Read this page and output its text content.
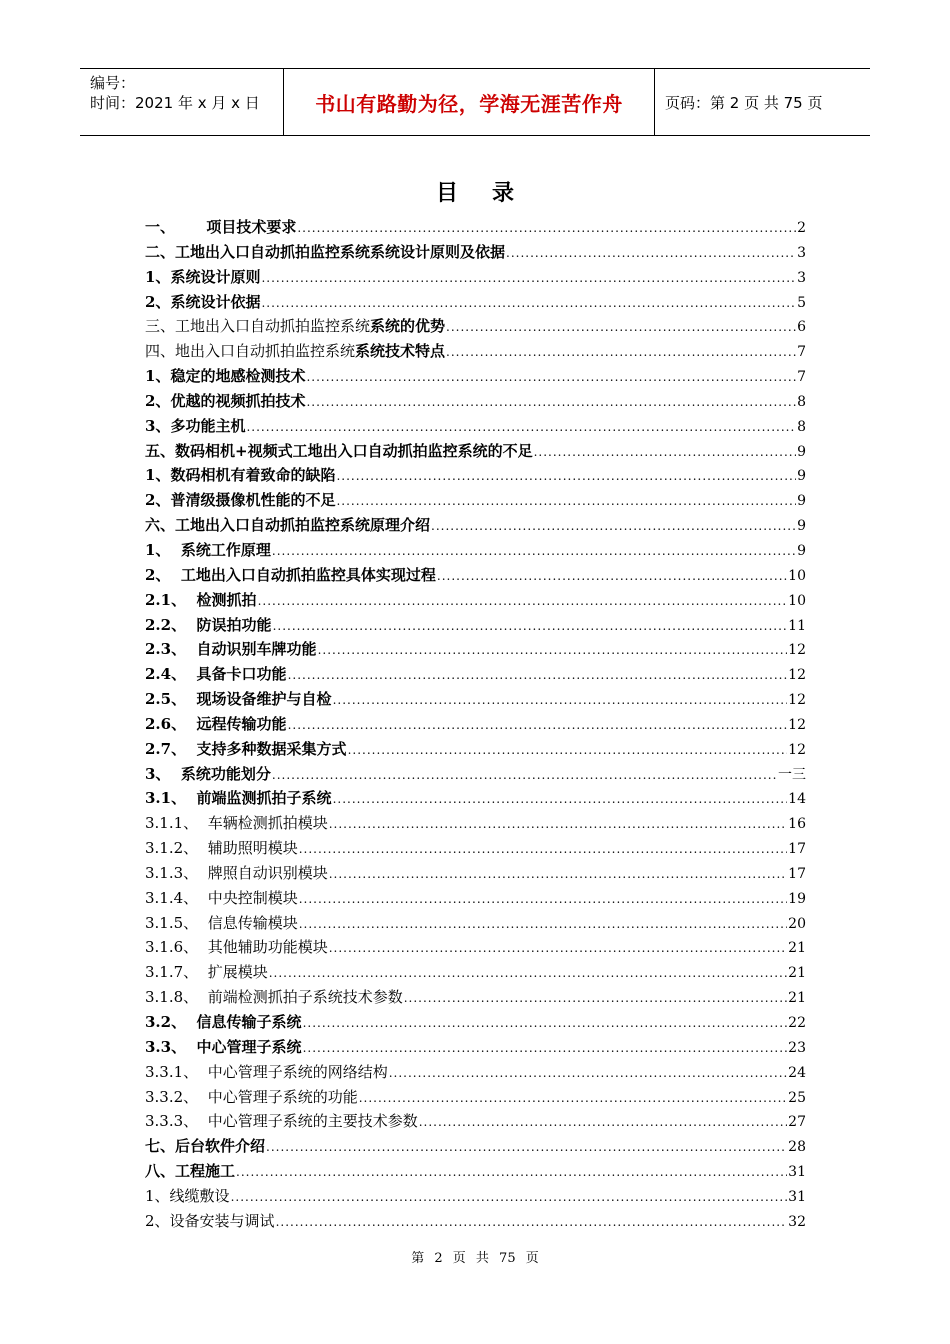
编号：
时间：2021 年 x 月 x 日	书山有路勤为径，学海无涯苦作舟	页码：第 2 页 共 75 页
目录
一、      项目技术要求 .....	2
二、工地出入口自动抓拍监控系统系统设计原则及依据 .....	3
1、系统设计原则 .....	3
2、系统设计依据 .....	5
三、工地出入口自动抓拍监控系统系统的优势 .....	6
四、地出入口自动抓拍监控系统系统技术特点 .....	7
1、稳定的地感检测技术 .....	7
2、优越的视频抓拍技术 .....	8
3、多功能主机 .....	8
五、数码相机+视频式工地出入口自动抓拍监控系统的不足 .....	9
1、数码相机有着致命的缺陷 .....	9
2、普清级摄像机性能的不足 .....	9
六、工地出入口自动抓拍监控系统原理介绍 .....	9
1、  系统工作原理 .....	9
2、  工地出入口自动抓拍监控具体实现过程 .....	10
2.1、  检测抓拍 .....	10
2.2、  防误拍功能 .....	11
2.3、  自动识别车牌功能 .....	12
2.4、  具备卡口功能 .....	12
2.5、  现场设备维护与自检 .....	12
2.6、  远程传输功能 .....	12
2.7、  支持多种数据采集方式 .....	12
3、  系统功能划分 .....	一三
3.1、  前端监测抓拍子系统 .....	14
3.1.1、  车辆检测抓拍模块 .....	16
3.1.2、  辅助照明模块 .....	17
3.1.3、  牌照自动识别模块 .....	17
3.1.4、  中央控制模块 .....	19
3.1.5、  信息传输模块 .....	20
3.1.6、  其他辅助功能模块 .....	21
3.1.7、  扩展模块 .....	21
3.1.8、  前端检测抓拍子系统技术参数 .....	21
3.2、  信息传输子系统 .....	22
3.3、  中心管理子系统 .....	23
3.3.1、  中心管理子系统的网络结构 .....	24
3.3.2、  中心管理子系统的功能 .....	25
3.3.3、  中心管理子系统的主要技术参数 .....	27
七、后台软件介绍 .....	28
八、工程施工 .....	31
1、线缆敷设 .....	31
2、设备安装与调试 .....	32
第 2 页 共 75 页
